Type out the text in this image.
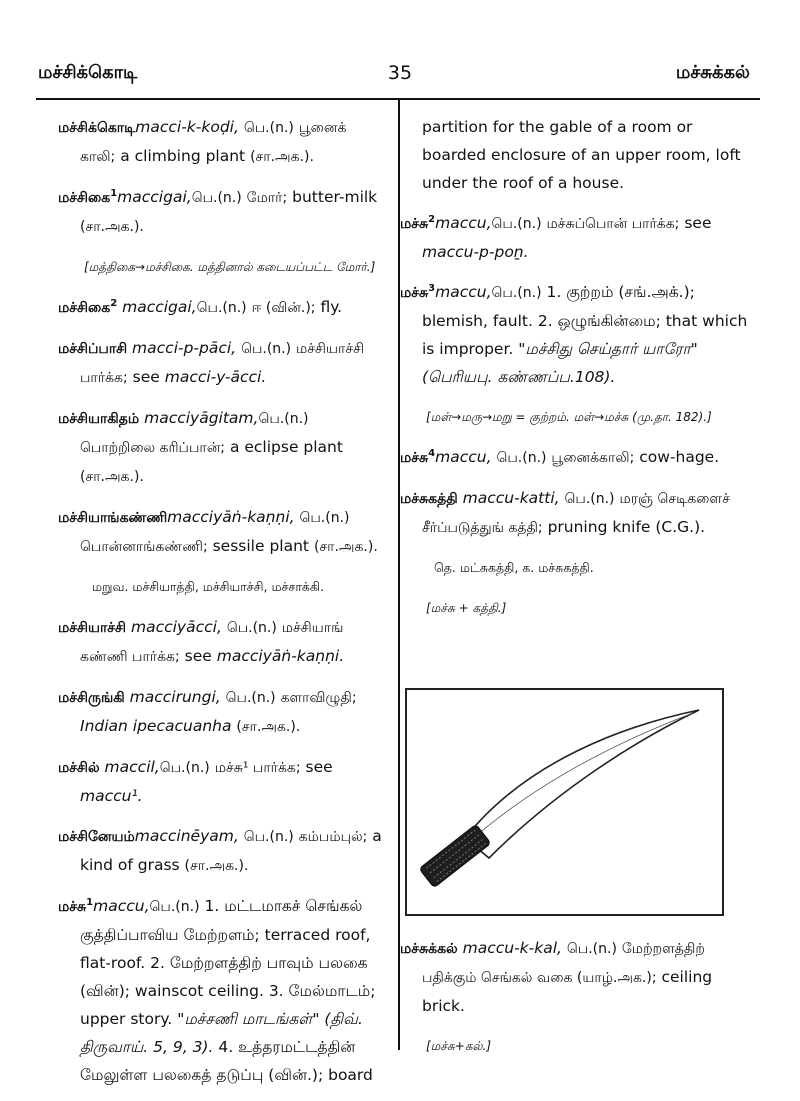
மச்சிக்கொடி	35	மச்சுக்கல்
மச்சிக்கொடிmacci-k-koḍi, பெ.(n.) பூனைக் காலி; a climbing plant (சா.அக.).
மச்சிகை$^1$maccigai,பெ.(n.) மோர்; butter-milk (சா.அக.).
[மத்திகை→மச்சிகை. மத்தினால் கடையப்பட்ட மோர்.]
மச்சிகை$^2$ maccigai,பெ.(n.) ஈ (வின்.); fly.
மச்சிப்பாசி macci-p-pāci, பெ.(n.) மச்சியாச்சி பார்க்க; see macci-y-ācci.
மச்சியாகிதம் macciyāgitam,பெ.(n.) பொற்றிலை கரிப்பான்; a eclipse plant (சா.அக.).
மச்சியாங்கண்ணிmacciyāṅ-kaṇṇi, பெ.(n.) பொன்னாங்கண்ணி; sessile plant (சா.அக.).
மறுவ. மச்சியாத்தி, மச்சியாச்சி, மச்சாக்கி.
மச்சியாச்சி macciyācci, பெ.(n.) மச்சியாங் கண்ணி பார்க்க; see macciyāṅ-kaṇṇi.
மச்சிருங்கி maccirungi, பெ.(n.) களாவிழுதி; Indian ipecacuanha (சா.அக.).
மச்சில் maccil,பெ.(n.) மச்சு¹ பார்க்க; see maccu¹.
மச்சினேயம்maccinēyam, பெ.(n.) கம்பம்புல்; a kind of grass (சா.அக.).
மச்சு$^1$maccu,பெ.(n.) 1. மட்டமாகச் செங்கல் குத்திப்பாவிய மேற்றளம்; terraced roof, flat-roof. 2. மேற்றளத்திற் பாவும் பலகை (வின்); wainscot ceiling. 3. மேல்மாடம்; upper story. "மச்சணி மாடங்கள்" (திவ். திருவாய். 5, 9, 3). 4. உத்தரமட்டத்தின் மேலுள்ள பலகைத் தடுப்பு (வின்.); board
partition for the gable of a room or boarded enclosure of an upper room, loft under the roof of a house.
மச்சு$^2$maccu,பெ.(n.) மச்சுப்பொன் பார்க்க; see maccu-p-poṉ.
மச்சு$^3$maccu,பெ.(n.) 1. குற்றம் (சங்.அக்.); blemish, fault. 2. ஒழுங்கின்மை; that which is improper. "மச்சிது செய்தார் யாரோ" (பெரியபு. கண்ணப்ப.108).
[மள்→மரு→மறு = குற்றம். மள்→மச்சு (மு.தா. 182).]
மச்சு$^4$maccu, பெ.(n.) பூனைக்காலி; cow-hage.
மச்சுகத்தி maccu-katti, பெ.(n.) மரஞ் செடிகளைச் சீர்ப்படுத்துங் கத்தி; pruning knife (C.G.).
தெ. மட்சுகத்தி, க. மச்சுகத்தி.
[மச்சு + கத்தி.]
மச்சுக்கல் maccu-k-kal, பெ.(n.) மேற்றளத்திற் பதிக்கும் செங்கல் வகை (யாழ்.அக.); ceiling brick.
[மச்சு+கல்.]
